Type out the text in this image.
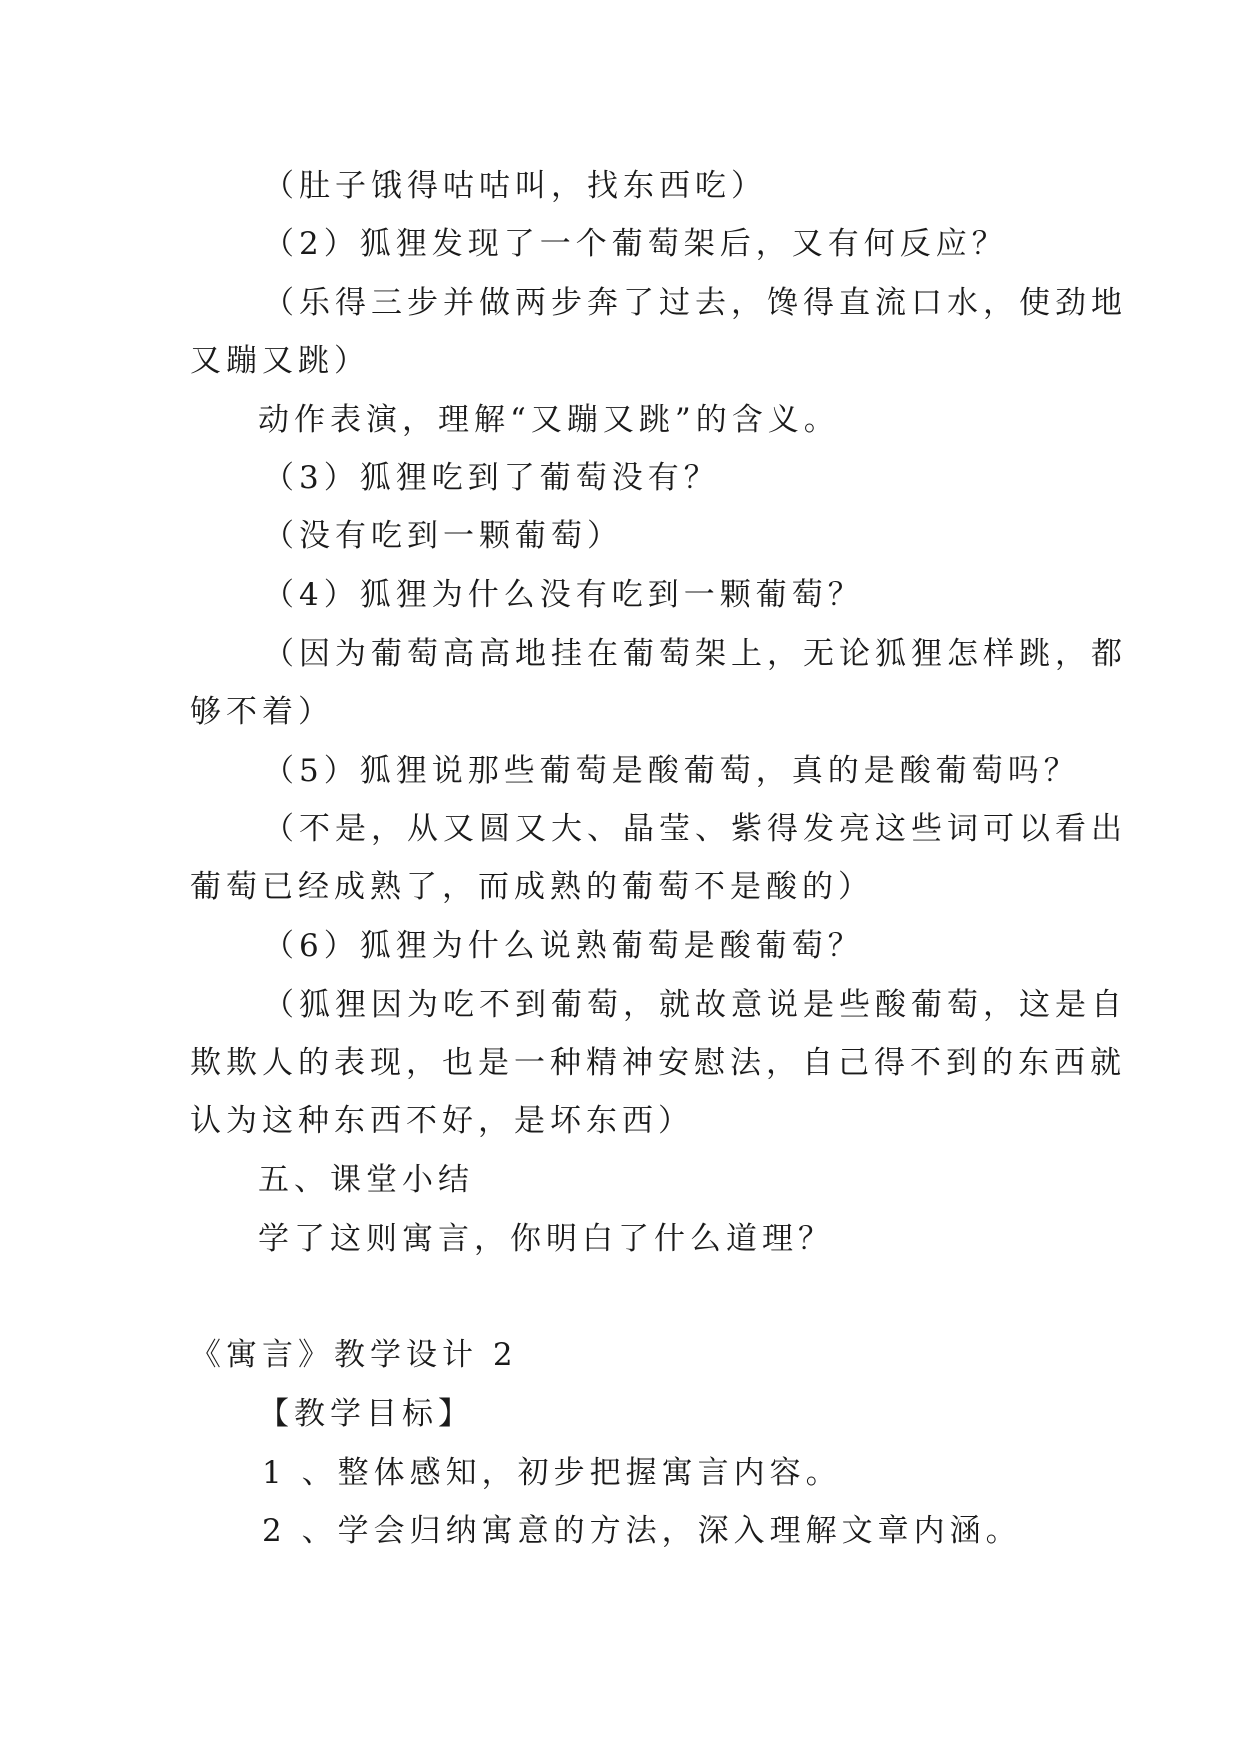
（肚子饿得咕咕叫，找东西吃）
（2）狐狸发现了一个葡萄架后，又有何反应？
（乐得三步并做两步奔了过去，馋得直流口水，使劲地
又蹦又跳）
动作表演，理解“又蹦又跳”的含义。
（3）狐狸吃到了葡萄没有？
（没有吃到一颗葡萄）
（4）狐狸为什么没有吃到一颗葡萄？
（因为葡萄高高地挂在葡萄架上，无论狐狸怎样跳，都
够不着）
（5）狐狸说那些葡萄是酸葡萄，真的是酸葡萄吗？
（不是，从又圆又大、晶莹、紫得发亮这些词可以看出
葡萄已经成熟了，而成熟的葡萄不是酸的）
（6）狐狸为什么说熟葡萄是酸葡萄？
（狐狸因为吃不到葡萄，就故意说是些酸葡萄，这是自
欺欺人的表现，也是一种精神安慰法，自己得不到的东西就
认为这种东西不好，是坏东西）
五、课堂小结
学了这则寓言，你明白了什么道理？
《寓言》教学设计 2
【教学目标】
1 、整体感知，初步把握寓言内容。
2 、学会归纳寓意的方法，深入理解文章内涵。
